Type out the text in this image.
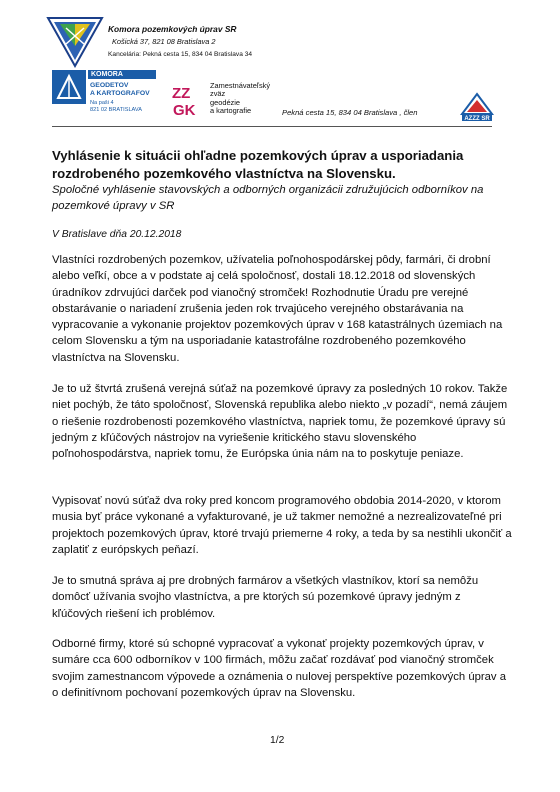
Komora pozemkových úprav SR
Košická 37, 821 08 Bratislava 2
Kancelária: Pekná cesta 15, 834 04 Bratislava 34
KOMORA
GEODETOV
A KARTOGRAFOV
Na paši 4
821 02 BRATISLAVA
ZZ
GK
Zamestnávateľský
zväz
geodézie
a kartografie	Pekná cesta 15, 834 04 Bratislava , člen
AZZZ SR
Vyhlásenie k situácii ohľadne pozemkových úprav a usporiadania rozdrobeného pozemkového vlastníctva na Slovensku.
Spoločné vyhlásenie stavovských a odborných organizácii združujúcich odborníkov na pozemkové úpravy v SR
V Bratislave dňa 20.12.2018
Vlastníci rozdrobených pozemkov, užívatelia poľnohospodárskej pôdy, farmári, či drobní alebo veľkí, obce a v podstate aj celá spoločnosť, dostali 18.12.2018 od slovenských úradníkov zdrvujúci darček pod vianočný stromček! Rozhodnutie Úradu pre verejné obstarávanie o nariadení zrušenia jeden rok trvajúceho verejného obstarávania na vypracovanie a vykonanie projektov pozemkových úprav v 168 katastrálnych územiach na celom Slovensku a tým na usporiadanie katastrofálne rozdrobeného pozemkového vlastníctva na Slovensku.
Je to už štvrtá zrušená verejná súťaž na pozemkové úpravy za posledných 10 rokov. Takže niet pochýb, že táto spoločnosť, Slovenská republika alebo niekto „v pozadí“, nemá záujem o riešenie rozdrobenosti pozemkového vlastníctva, napriek tomu, že pozemkové úpravy sú jedným z kľúčových nástrojov na vyriešenie kritického stavu slovenského poľnohospodárstva, napriek tomu, že Európska únia nám na to poskytuje peniaze.
Vypisovať novú súťaž dva roky pred koncom programového obdobia 2014-2020, v ktorom musia byť práce vykonané a vyfakturované, je už takmer nemožné a nezrealizovateľné pri projektoch pozemkových úprav, ktoré trvajú priemerne 4 roky, a teda by sa nestihli ukončiť a zaplatiť z európskych peňazí.
Je to smutná správa aj pre drobných farmárov a všetkých vlastníkov, ktorí sa nemôžu domôcť užívania svojho vlastníctva, a pre ktorých sú pozemkové úpravy jedným z kľúčových riešení ich problémov.
Odborné firmy, ktoré sú schopné vypracovať a vykonať projekty pozemkových úprav, v sumáre cca 600 odborníkov v 100 firmách, môžu začať rozdávať pod vianočný stromček svojim zamestnancom výpovede a oznámenia o nulovej perspektíve pozemkových úprav a o definitívnom pochovaní pozemkových úprav na Slovensku.
1/2
